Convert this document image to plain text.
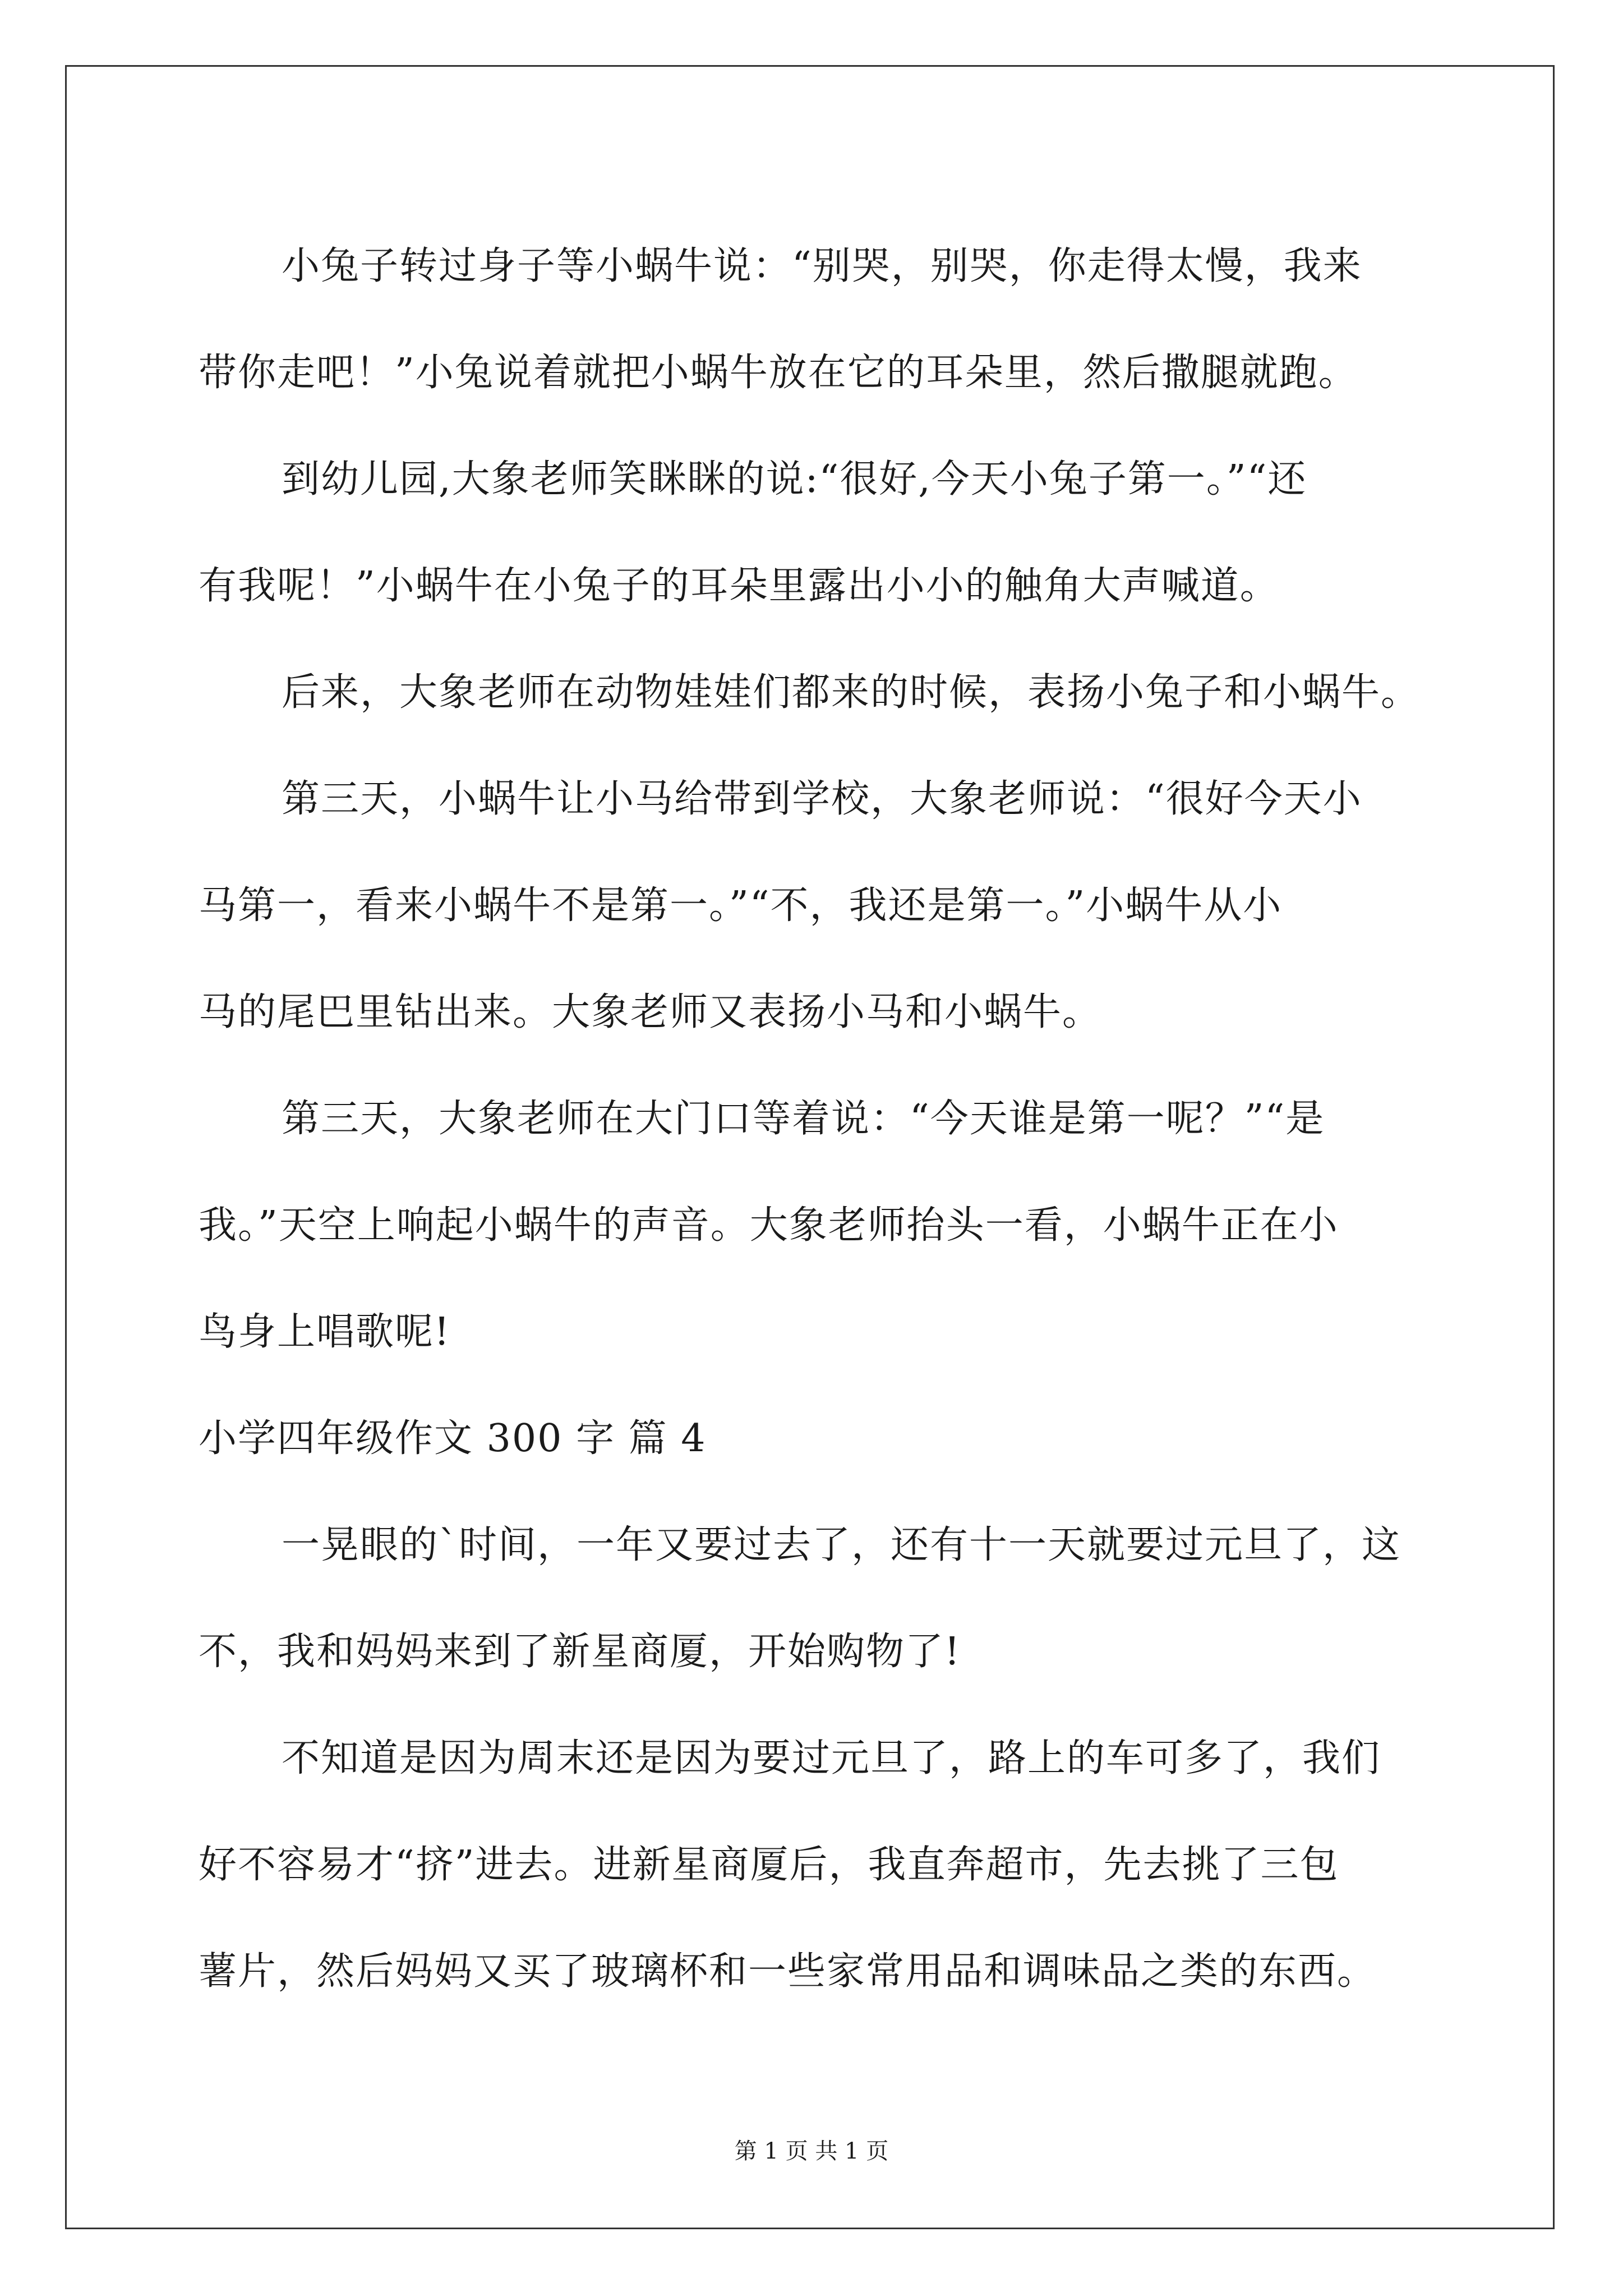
小兔子转过身子等小蜗牛说：“别哭，别哭，你走得太慢，我来
带你走吧！”小兔说着就把小蜗牛放在它的耳朵里，然后撒腿就跑。
到幼儿园,大象老师笑眯眯的说:“很好,今天小兔子第一。”“还
有我呢！”小蜗牛在小兔子的耳朵里露出小小的触角大声喊道。
后来，大象老师在动物娃娃们都来的时候，表扬小兔子和小蜗牛。
第三天，小蜗牛让小马给带到学校，大象老师说：“很好今天小
马第一，看来小蜗牛不是第一。”“不，我还是第一。”小蜗牛从小
马的尾巴里钻出来。大象老师又表扬小马和小蜗牛。
第三天，大象老师在大门口等着说：“今天谁是第一呢？”“是
我。”天空上响起小蜗牛的声音。大象老师抬头一看，小蜗牛正在小
鸟身上唱歌呢!
小学四年级作文 300 字 篇 4
一晃眼的`时间，一年又要过去了，还有十一天就要过元旦了，这
不，我和妈妈来到了新星商厦，开始购物了!
不知道是因为周末还是因为要过元旦了，路上的车可多了，我们
好不容易才“挤”进去。进新星商厦后，我直奔超市，先去挑了三包
薯片，然后妈妈又买了玻璃杯和一些家常用品和调味品之类的东西。
第 1 页 共 1 页
